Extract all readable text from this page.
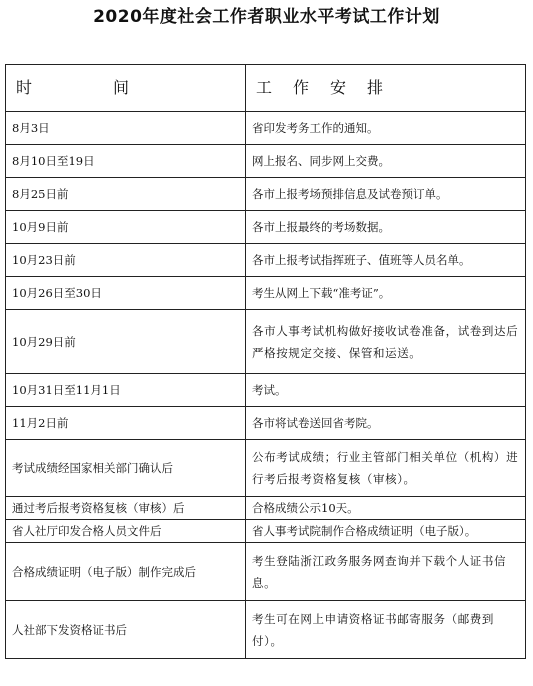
2020年度社会工作者职业水平考试工作计划
时 间	工 作 安 排

8月3日	省印发考务工作的通知。
8月10日至19日	网上报名、同步网上交费。
8月25日前	各市上报考场预排信息及试卷预订单。
10月9日前	各市上报最终的考场数据。
10月23日前	各市上报考试指挥班子、值班等人员名单。
10月26日至30日	考生从网上下载“准考证”。
10月29日前	各市人事考试机构做好接收试卷准备，试卷到达后严格按规定交接、保管和运送。
10月31日至11月1日	考试。
11月2日前	各市将试卷送回省考院。
考试成绩经国家相关部门确认后	公布考试成绩；行业主管部门相关单位（机构）进行考后报考资格复核（审核）。
通过考后报考资格复核（审核）后	合格成绩公示10天。
省人社厅印发合格人员文件后	省人事考试院制作合格成绩证明（电子版）。
合格成绩证明（电子版）制作完成后	考生登陆浙江政务服务网查询并下载个人证书信息。
人社部下发资格证书后	考生可在网上申请资格证书邮寄服务（邮费到付）。
